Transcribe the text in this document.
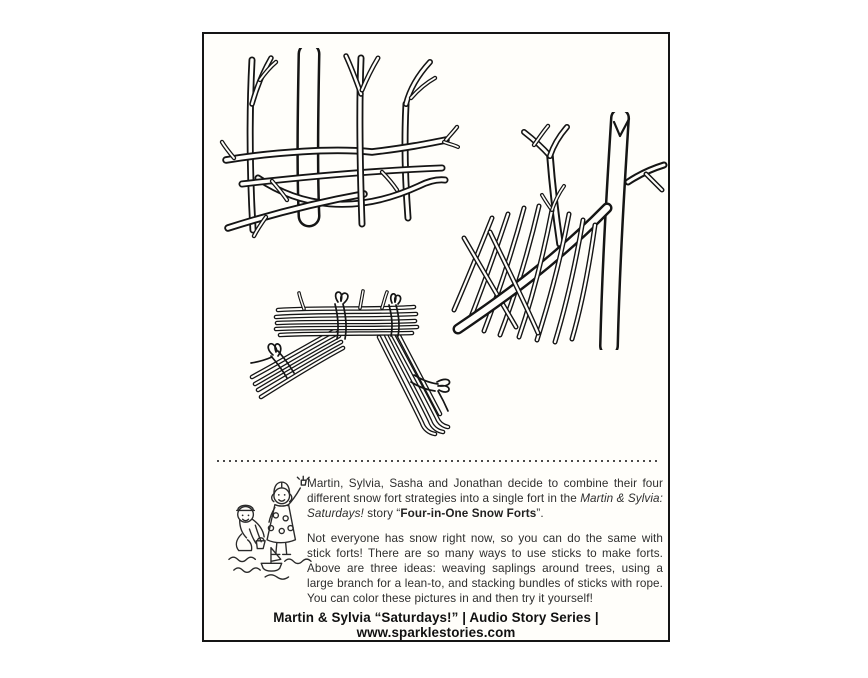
Martin, Sylvia, Sasha and Jonathan decide to combine their four different snow fort strategies into a single fort in the Martin & Sylvia: Saturdays! story “Four-in-One Snow Forts”.

Not everyone has snow right now, so you can do the same with stick forts! There are so many ways to use sticks to make forts. Above are three ideas: weaving saplings around trees, using a large branch for a lean-to, and stacking bundles of sticks with rope. You can color these pictures in and then try it yourself!

Martin & Sylvia “Saturdays!” | Audio Story Series | www.sparklestories.com
